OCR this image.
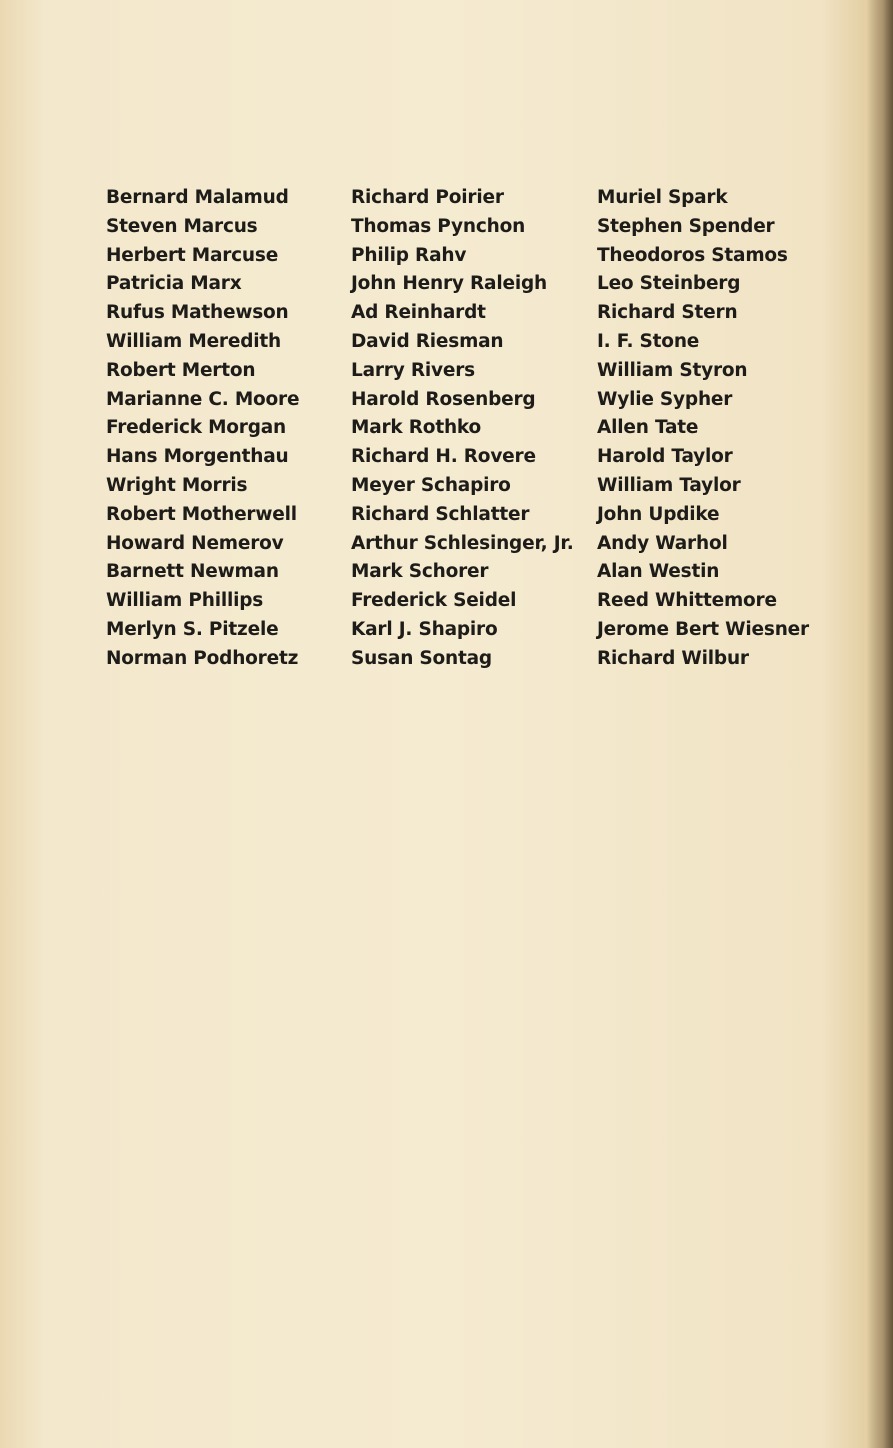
Bernard Malamud
Steven Marcus
Herbert Marcuse
Patricia Marx
Rufus Mathewson
William Meredith
Robert Merton
Marianne C. Moore
Frederick Morgan
Hans Morgenthau
Wright Morris
Robert Motherwell
Howard Nemerov
Barnett Newman
William Phillips
Merlyn S. Pitzele
Norman Podhoretz
Richard Poirier
Thomas Pynchon
Philip Rahv
John Henry Raleigh
Ad Reinhardt
David Riesman
Larry Rivers
Harold Rosenberg
Mark Rothko
Richard H. Rovere
Meyer Schapiro
Richard Schlatter
Arthur Schlesinger, Jr.
Mark Schorer
Frederick Seidel
Karl J. Shapiro
Susan Sontag
Muriel Spark
Stephen Spender
Theodoros Stamos
Leo Steinberg
Richard Stern
I. F. Stone
William Styron
Wylie Sypher
Allen Tate
Harold Taylor
William Taylor
John Updike
Andy Warhol
Alan Westin
Reed Whittemore
Jerome Bert Wiesner
Richard Wilbur
